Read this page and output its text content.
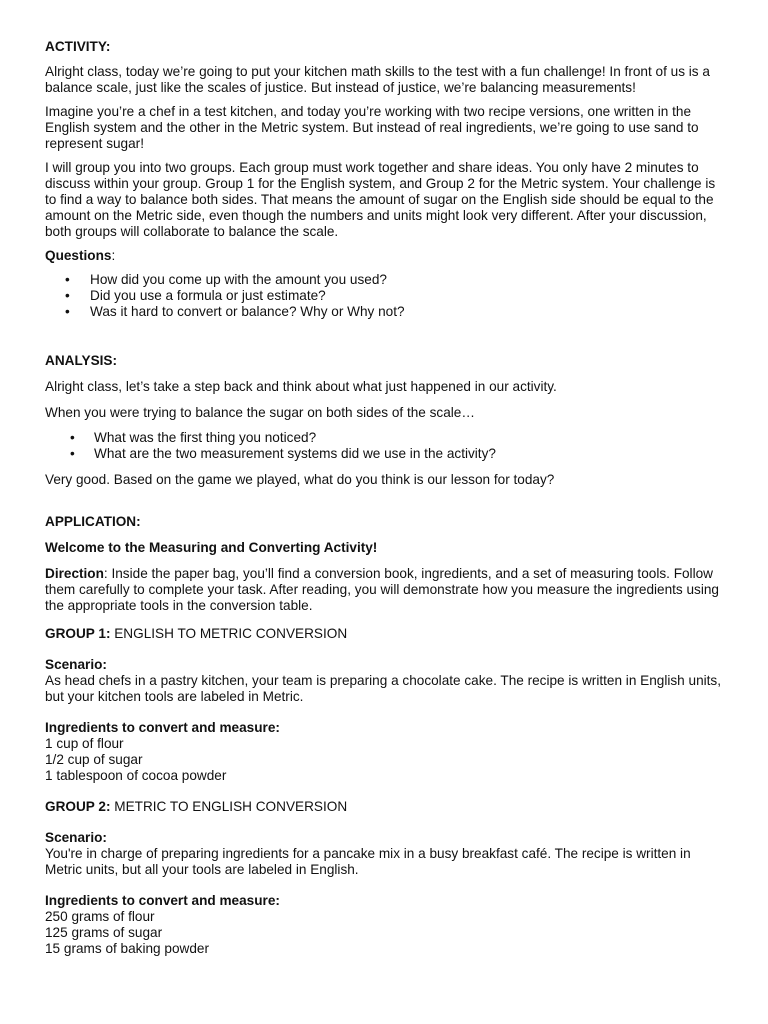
ACTIVITY:

Alright class, today we’re going to put your kitchen math skills to the test with a fun challenge! In front of us is a balance scale, just like the scales of justice. But instead of justice, we’re balancing measurements!

Imagine you’re a chef in a test kitchen, and today you’re working with two recipe versions, one written in the English system and the other in the Metric system. But instead of real ingredients, we’re going to use sand to represent sugar!

I will group you into two groups. Each group must work together and share ideas. You only have 2 minutes to discuss within your group. Group 1 for the English system, and Group 2 for the Metric system. Your challenge is to find a way to balance both sides. That means the amount of sugar on the English side should be equal to the amount on the Metric side, even though the numbers and units might look very different. After your discussion, both groups will collaborate to balance the scale.

Questions:

• How did you come up with the amount you used?
• Did you use a formula or just estimate?
• Was it hard to convert or balance? Why or Why not?

ANALYSIS:

Alright class, let’s take a step back and think about what just happened in our activity.

When you were trying to balance the sugar on both sides of the scale…

• What was the first thing you noticed?
• What are the two measurement systems did we use in the activity?

Very good. Based on the game we played, what do you think is our lesson for today?

APPLICATION:

Welcome to the Measuring and Converting Activity!

Direction: Inside the paper bag, you’ll find a conversion book, ingredients, and a set of measuring tools. Follow them carefully to complete your task. After reading, you will demonstrate how you measure the ingredients using the appropriate tools in the conversion table.

GROUP 1: ENGLISH TO METRIC CONVERSION

Scenario:

As head chefs in a pastry kitchen, your team is preparing a chocolate cake. The recipe is written in English units, but your kitchen tools are labeled in Metric.

Ingredients to convert and measure:

1 cup of flour
1/2 cup of sugar
1 tablespoon of cocoa powder

GROUP 2: METRIC TO ENGLISH CONVERSION

Scenario:

You're in charge of preparing ingredients for a pancake mix in a busy breakfast café. The recipe is written in Metric units, but all your tools are labeled in English.

Ingredients to convert and measure:

250 grams of flour
125 grams of sugar
15 grams of baking powder
